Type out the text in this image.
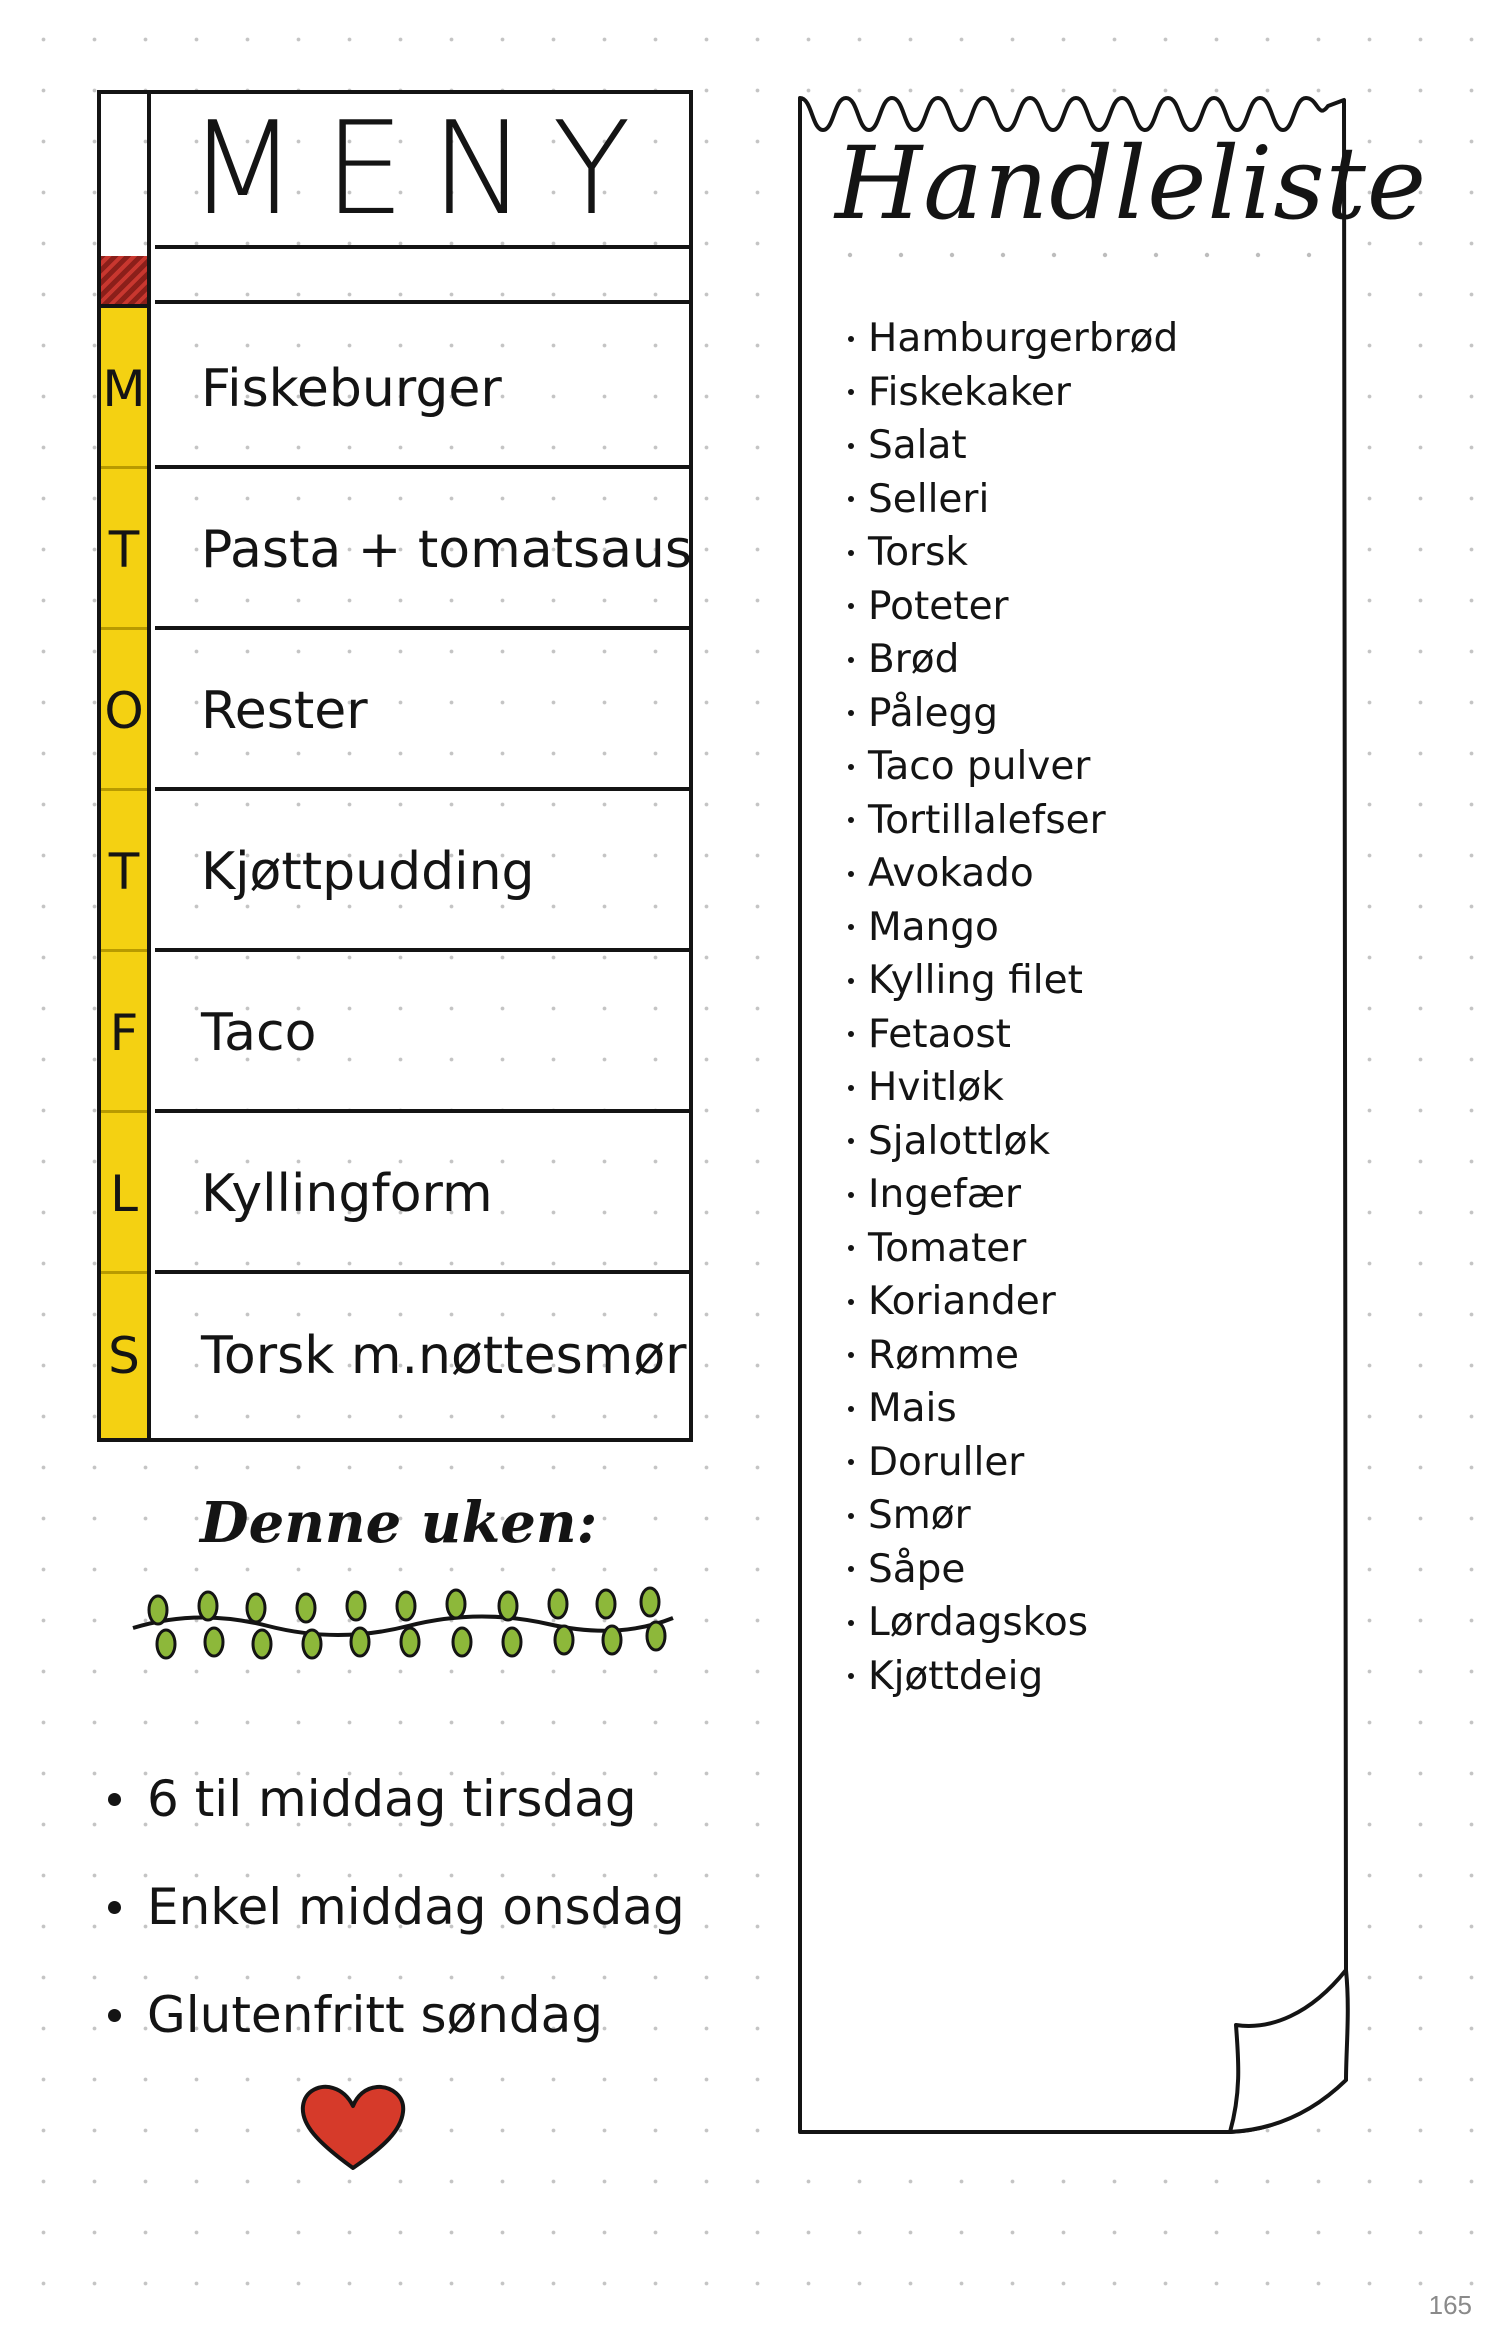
MENY
M Fiskeburger
T Pasta + tomatsaus
O Rester
T Kjøttpudding
F Taco
L Kyllingform
S Torsk m.nøttesmør
Denne uken:
6 til middag tirsdag
Enkel middag onsdag
Glutenfritt søndag
Handleliste
Hamburgerbrød
Fiskekaker
Salat
Selleri
Torsk
Poteter
Brød
Pålegg
Taco pulver
Tortillalefser
Avokado
Mango
Kylling filet
Fetaost
Hvitløk
Sjalottløk
Ingefær
Tomater
Koriander
Rømme
Mais
Doruller
Smør
Såpe
Lørdagskos
Kjøttdeig
165
